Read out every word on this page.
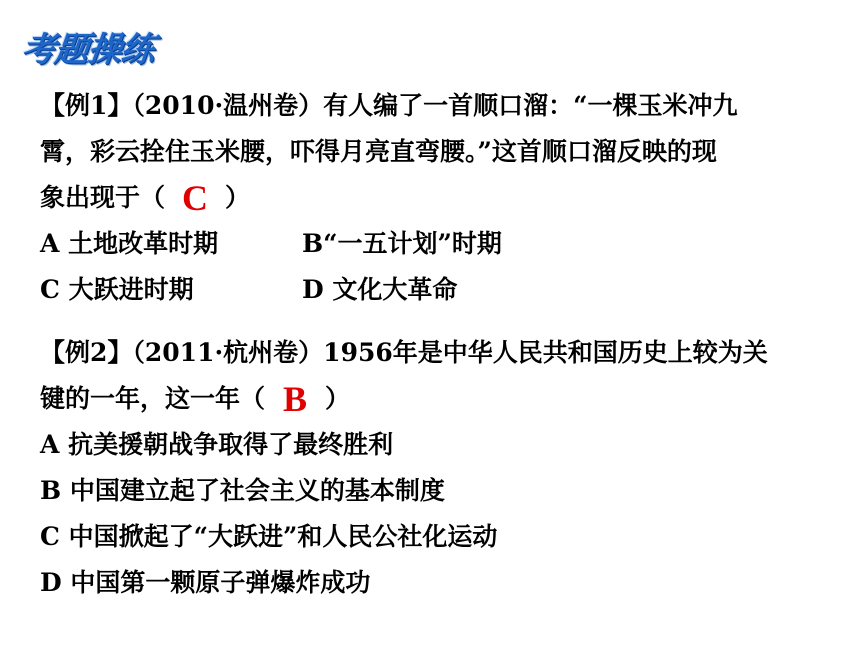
考题操练
【例1】（2010·温州卷）有人编了一首顺口溜：“一棵玉米冲九
霄，彩云拴住玉米腰，吓得月亮直弯腰。”这首顺口溜反映的现
象出现于（ C ）
A 土地改革时期	B“一五计划”时期
C 大跃进时期	D 文化大革命
【例2】（2011·杭州卷）1956年是中华人民共和国历史上较为关
键的一年，这一年（ B ）
A 抗美援朝战争取得了最终胜利
B 中国建立起了社会主义的基本制度
C 中国掀起了“大跃进”和人民公社化运动
D 中国第一颗原子弹爆炸成功
